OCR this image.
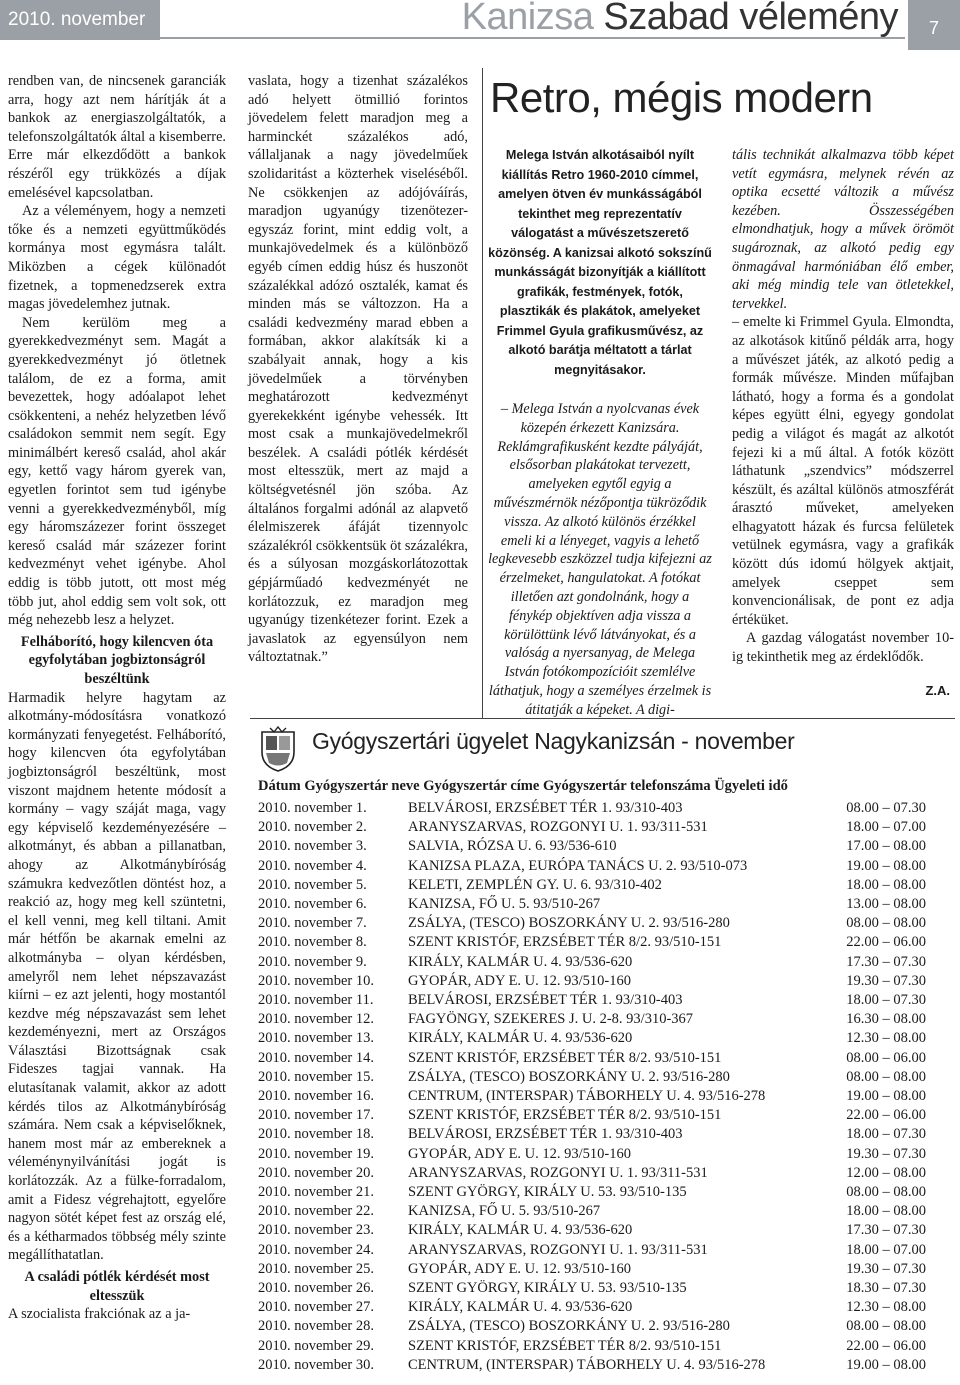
2010. november 4.
Kanizsa Szabad vélemény	7

rendben van, de nincsenek garanciák arra, hogy azt nem hárítják át a bankok az energiaszolgáltatók, a telefonszolgáltatók által a kisemberre. Erre már elkezdődött a bankok részéről egy trükközés a díjak emelésével kapcsolatban.

Az a véleményem, hogy a nemzeti tőke és a nemzeti együttműködés kormánya most egymásra talált. Miközben a cégek különadót fizetnek, a topmenedzserek extra magas jövedelemhez jutnak.

Nem kerülöm meg a gyerekkedvezményt sem. Magát a gyerekkedvezményt jó ötletnek találom, de ez a forma, amit bevezettek, hogy adóalapot lehet csökkenteni, a nehéz helyzetben lévő családokon semmit nem segít. Egy minimálbért kereső család, ahol akár egy, kettő vagy három gyerek van, egyetlen forintot sem tud igénybe venni a gyerekkedvezményből, míg egy háromszázezer forint összeget kereső család már százezer forint kedvezményt vehet igénybe. Ahol eddig is több jutott, ott most még több jut, ahol eddig sem volt sok, ott még nehezebb lesz a helyzet.

Felháborító, hogy kilencven óta egyfolytában jogbiztonságról beszéltünk

Harmadik helyre hagytam az alkotmány-módosításra vonatkozó kormányzati fenyegetést. Felháborító, hogy kilencven óta egyfolytában jogbiztonságról beszéltünk, most viszont majdnem hetente módosít a kormány – vagy száját maga, vagy egy képviselő kezdeményezésére – alkotmányt, és abban a pillanatban, ahogy az Alkotmánybíróság számukra kedvezőtlen döntést hoz, a reakció az, hogy meg kell szüntetni, el kell venni, meg kell tiltani. Amit már hétfőn be akarnak emelni az alkotmányba – olyan kérdésben, amelyről nem lehet népszavazást kiírni – ez azt jelenti, hogy mostantól kezdve még népszavazást sem lehet kezdeményezni, mert az Országos Választási Bizottságnak csak Fideszes tagjai vannak. Ha elutasítanak valamit, akkor az adott kérdés tilos az Alkotmánybíróság számára. Nem csak a képviselőknek, hanem most már az embereknek a véleménynyilvánítási jogát is korlátozzák. Az a fülke-forradalom, amit a Fidesz végrehajtott, egyelőre nagyon sötét képet fest az ország elé, és a kétharmados többség mély szinte megállíthatatlan.

A családi pótlék kérdését most eltesszük

A szocialista frakciónak az a ja-

vaslata, hogy a tizenhat százalékos adó helyett ötmillió forintos jövedelem felett maradjon meg a harminckét százalékos adó, vállaljanak a nagy jövedelműek szolidaritást a közterhek viseléséből. Ne csökkenjen az adójóváírás, maradjon ugyanúgy tizenötezer-egyszáz forint, mint eddig volt, a munkajövedelmek és a különböző egyéb címen eddig húsz és huszonöt százalékkal adózó osztalék, kamat és minden más se változzon. Ha a családi kedvezmény marad ebben a formában, akkor alakítsák ki a szabályait annak, hogy a kis jövedelműek a törvényben meghatározott kedvezményt gyerekekként igénybe vehessék. Itt most csak a munkajövedelmekről beszélek. A családi pótlék kérdését most eltesszük, mert az majd a költségvetésnél jön szóba. Az általános forgalmi adónál az alapvető élelmiszerek áfáját tizennyolc százalékról csökkentsük öt százalékra, és a súlyosan mozgáskorlátozottak gépjárműadó kedvezményét ne korlátozzuk, ez maradjon meg ugyanúgy tizenkétezer forint. Ezek a javaslatok az egyensúlyon nem változtatnak.”

Retro, mégis modern

Melega István alkotásaiból nyílt kiállítás Retro 1960-2010 címmel, amelyen ötven év munkásságából tekinthet meg reprezentatív válogatást a művészetszerető közönség. A kanizsai alkotó sokszínű munkásságát bizonyítják a kiállított grafikák, festmények, fotók, plasztikák és plakátok, amelyeket Frimmel Gyula grafikusművész, az alkotó barátja méltatott a tárlat megnyitásakor.

– Melega István a nyolcvanas évek közepén érkezett Kanizsára. Reklámgrafikusként kezdte pályáját, elsősorban plakátokat tervezett, amelyeken egytől egyig a művészmérnök nézőpontja tükröződik vissza. Az alkotó különös érzékkel emeli ki a lényeget, vagyis a lehető legkevesebb eszközzel tudja kifejezni az érzelmeket, hangulatokat. A fotókat illetően azt gondolnánk, hogy a fénykép objektíven adja vissza a körülöttünk lévő látványokat, és a valóság a nyersanyag, de Melega István fotókompozícióit szemlélve láthatjuk, hogy a személyes érzelmek is átitatják a képeket. A digi-

tális technikát alkalmazva több képet vetít egymásra, melynek révén az optika ecsetté változik a művész kezében. Összességében elmondhatjuk, hogy a művek örömöt sugároznak, az alkotó pedig egy önmagával harmóniában élő ember, aki még mindig tele van ötletekkel, tervekkel.

– emelte ki Frimmel Gyula. Elmondta, az alkotások kitűnő példák arra, hogy a művészet játék, az alkotó pedig a formák művésze. Minden műfajban látható, hogy a forma és a gondolat képes együtt élni, egyegy gondolat pedig a világot és magát az alkotót fejezi ki a mű által. A fotók között láthatunk „szendvics” módszerrel készült, és azáltal különös atmoszférát árasztó műveket, amelyeken elhagyatott házak és furcsa felületek vetülnek egymásra, vagy a grafikák között dús idomú hölgyek aktjait, amelyek cseppet sem konvencionálisak, de pont ez adja értéküket.

A gazdag válogatást november 10-ig tekinthetik meg az érdeklődők.

Z.A.
Gyógyszertári ügyelet Nagykanizsán - november
Dátum Gyógyszertár neve Gyógyszertár címe Gyógyszertár telefonszáma Ügyeleti idő
2010. november 1.	BELVÁROSI, ERZSÉBET TÉR 1. 93/310-403	08.00 – 07.30
2010. november 2.	ARANYSZARVAS, ROZGONYI U. 1. 93/311-531	18.00 – 07.00
2010. november 3.	SALVIA, RÓZSA U. 6. 93/536-610	17.00 – 08.00
2010. november 4.	KANIZSA PLAZA, EURÓPA TANÁCS U. 2. 93/510-073	19.00 – 08.00
2010. november 5.	KELETI, ZEMPLÉN GY. U. 6. 93/310-402	18.00 – 08.00
2010. november 6.	KANIZSA, FŐ U. 5. 93/510-267	13.00 – 08.00
2010. november 7.	ZSÁLYA, (TESCO) BOSZORKÁNY U. 2. 93/516-280	08.00 – 08.00
2010. november 8.	SZENT KRISTÓF, ERZSÉBET TÉR 8/2. 93/510-151	22.00 – 06.00
2010. november 9.	KIRÁLY, KALMÁR U. 4. 93/536-620	17.30 – 07.30
2010. november 10.	GYOPÁR, ADY E. U. 12. 93/510-160	19.30 – 07.30
2010. november 11.	BELVÁROSI, ERZSÉBET TÉR 1. 93/310-403	18.00 – 07.30
2010. november 12.	FAGYÖNGY, SZEKERES J. U. 2-8. 93/310-367	16.30 – 08.00
2010. november 13.	KIRÁLY, KALMÁR U. 4. 93/536-620	12.30 – 08.00
2010. november 14.	SZENT KRISTÓF, ERZSÉBET TÉR 8/2. 93/510-151	08.00 – 06.00
2010. november 15.	ZSÁLYA, (TESCO) BOSZORKÁNY U. 2. 93/516-280	08.00 – 08.00
2010. november 16.	CENTRUM, (INTERSPAR) TÁBORHELY U. 4. 93/516-278	19.00 – 08.00
2010. november 17.	SZENT KRISTÓF, ERZSÉBET TÉR 8/2. 93/510-151	22.00 – 06.00
2010. november 18.	BELVÁROSI, ERZSÉBET TÉR 1. 93/310-403	18.00 – 07.30
2010. november 19.	GYOPÁR, ADY E. U. 12. 93/510-160	19.30 – 07.30
2010. november 20.	ARANYSZARVAS, ROZGONYI U. 1. 93/311-531	12.00 – 08.00
2010. november 21.	SZENT GYÖRGY, KIRÁLY U. 53. 93/510-135	08.00 – 08.00
2010. november 22.	KANIZSA, FŐ U. 5. 93/510-267	18.00 – 08.00
2010. november 23.	KIRÁLY, KALMÁR U. 4. 93/536-620	17.30 – 07.30
2010. november 24.	ARANYSZARVAS, ROZGONYI U. 1. 93/311-531	18.00 – 07.00
2010. november 25.	GYOPÁR, ADY E. U. 12. 93/510-160	19.30 – 07.30
2010. november 26.	SZENT GYÖRGY, KIRÁLY U. 53. 93/510-135	18.30 – 07.30
2010. november 27.	KIRÁLY, KALMÁR U. 4. 93/536-620	12.30 – 08.00
2010. november 28.	ZSÁLYA, (TESCO) BOSZORKÁNY U. 2. 93/516-280	08.00 – 08.00
2010. november 29.	SZENT KRISTÓF, ERZSÉBET TÉR 8/2. 93/510-151	22.00 – 06.00
2010. november 30.	CENTRUM, (INTERSPAR) TÁBORHELY U. 4. 93/516-278	19.00 – 08.00
